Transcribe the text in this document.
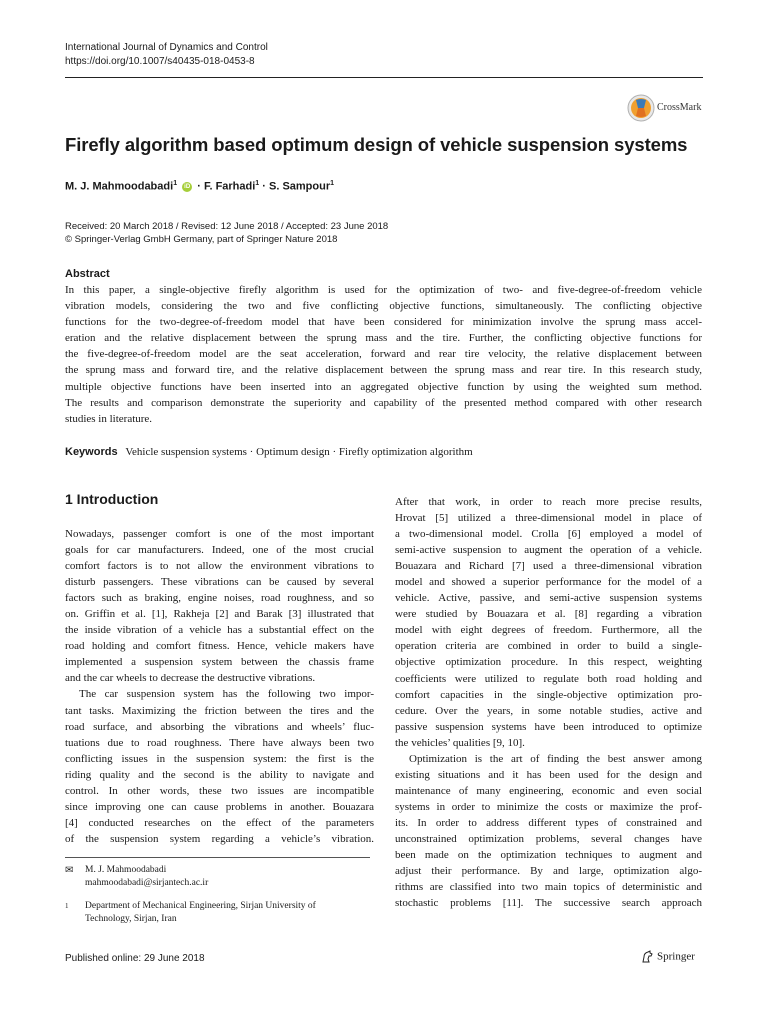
International Journal of Dynamics and Control
https://doi.org/10.1007/s40435-018-0453-8
CrossMark
Firefly algorithm based optimum design of vehicle suspension systems
M. J. Mahmoodabadi$^1$ iD · F. Farhadi$^1$ · S. Sampour$^1$
Received: 20 March 2018 / Revised: 12 June 2018 / Accepted: 23 June 2018
© Springer-Verlag GmbH Germany, part of Springer Nature 2018
Abstract
In this paper, a single-objective firefly algorithm is used for the optimization of two- and five-degree-of-freedom vehicle
vibration models, considering the two and five conflicting objective functions, simultaneously. The conflicting objective
functions for the two-degree-of-freedom model that have been considered for minimization involve the sprung mass accel-
eration and the relative displacement between the sprung mass and the tire. Further, the conflicting objective functions for
the five-degree-of-freedom model are the seat acceleration, forward and rear tire velocity, the relative displacement between
the sprung mass and forward tire, and the relative displacement between the sprung mass and rear tire. In this research study,
multiple objective functions have been inserted into an aggregated objective function by using the weighted sum method.
The results and comparison demonstrate the superiority and capability of the presented method compared with other research
studies in literature.
Keywords Vehicle suspension systems · Optimum design · Firefly optimization algorithm
1 Introduction
Nowadays, passenger comfort is one of the most important
goals for car manufacturers. Indeed, one of the most crucial
comfort factors is to not allow the environment vibrations to
disturb passengers. These vibrations can be caused by several
factors such as braking, engine noises, road roughness, and so
on. Griffin et al. [1], Rakheja [2] and Barak [3] illustrated that
the inside vibration of a vehicle has a substantial effect on the
road holding and comfort fitness. Hence, vehicle makers have
implemented a suspension system between the chassis frame
and the car wheels to decrease the destructive vibrations.
The car suspension system has the following two impor-
tant tasks. Maximizing the friction between the tires and the
road surface, and absorbing the vibrations and wheels’ fluc-
tuations due to road roughness. There have always been two
conflicting issues in the suspension system: the first is the
riding quality and the second is the ability to navigate and
control. In other words, these two issues are incompatible
since improving one can cause problems in another. Bouazara
[4] conducted researches on the effect of the parameters
of the suspension system regarding a vehicle’s vibration.
After that work, in order to reach more precise results,
Hrovat [5] utilized a three-dimensional model in place of
a two-dimensional model. Crolla [6] employed a model of
semi-active suspension to augment the operation of a vehicle.
Bouazara and Richard [7] used a three-dimensional vibration
model and showed a superior performance for the model of a
vehicle. Active, passive, and semi-active suspension systems
were studied by Bouazara et al. [8] regarding a vibration
model with eight degrees of freedom. Furthermore, all the
operation criteria are combined in order to build a single-
objective optimization procedure. In this respect, weighting
coefficients were utilized to regulate both road holding and
comfort capacities in the single-objective optimization pro-
cedure. Over the years, in some notable studies, active and
passive suspension systems have been introduced to optimize
the vehicles’ qualities [9, 10].
Optimization is the art of finding the best answer among
existing situations and it has been used for the design and
maintenance of many engineering, economic and even social
systems in order to minimize the costs or maximize the prof-
its. In order to address different types of constrained and
unconstrained optimization problems, several changes have
been made on the optimization techniques to augment and
adjust their performance. By and large, optimization algo-
rithms are classified into two main topics of deterministic and
stochastic problems [11]. The successive search approach
✉ M. J. Mahmoodabadi
mahmoodabadi@sirjantech.ac.ir
1 Department of Mechanical Engineering, Sirjan University of
Technology, Sirjan, Iran
Published online: 29 June 2018	Springer
